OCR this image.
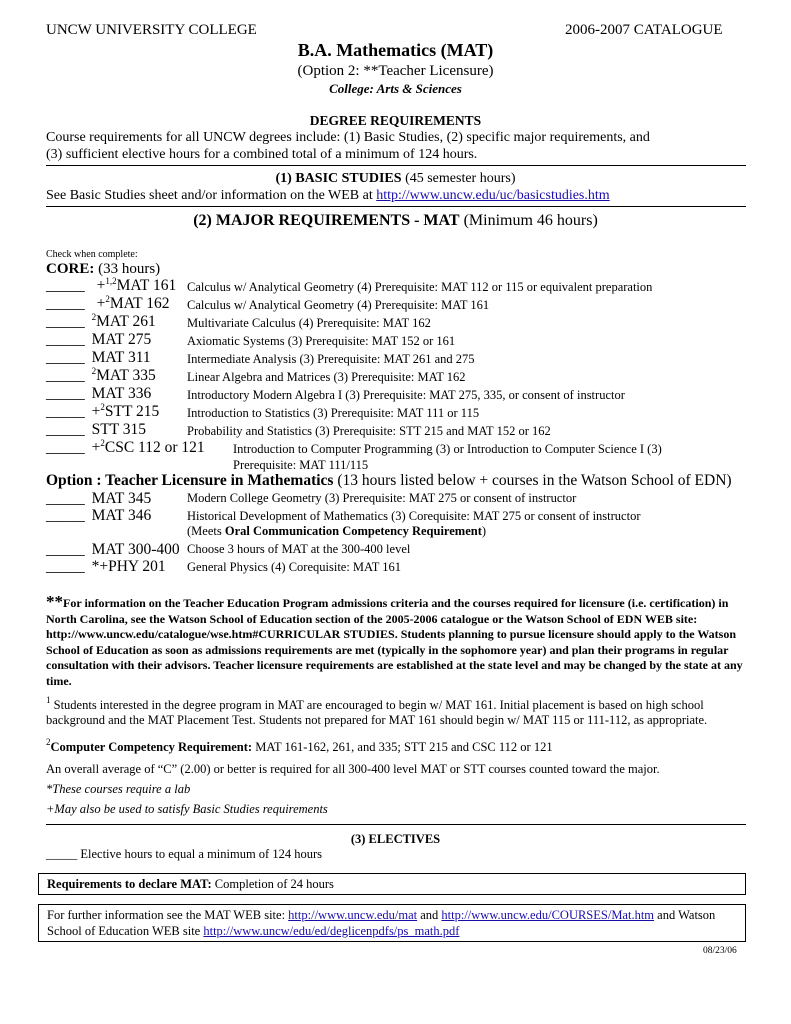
UNCW UNIVERSITY COLLEGE	2006-2007 CATALOGUE
B.A. Mathematics (MAT)
(Option 2: **Teacher Licensure)
College: Arts & Sciences
DEGREE REQUIREMENTS
Course requirements for all UNCW degrees include: (1) Basic Studies, (2) specific major requirements, and
(3) sufficient elective hours for a combined total of a minimum of 124 hours.
(1) BASIC STUDIES (45 semester hours)
See Basic Studies sheet and/or information on the WEB at http://www.uncw.edu/uc/basicstudies.htm
(2) MAJOR REQUIREMENTS - MAT (Minimum 46 hours)
Check when complete:
CORE: (33 hours)
_____ +$^{1,2}$MAT 161 Calculus w/ Analytical Geometry (4) Prerequisite: MAT 112 or 115 or equivalent preparation
_____ +$^2$MAT 162 Calculus w/ Analytical Geometry (4) Prerequisite: MAT 161
_____ $^2$MAT 261	Multivariate Calculus (4) Prerequisite: MAT 162
_____ MAT 275	Axiomatic Systems (3) Prerequisite: MAT 152 or 161
_____ MAT 311	Intermediate Analysis (3) Prerequisite: MAT 261 and 275
_____ $^2$MAT 335	Linear Algebra and Matrices (3) Prerequisite: MAT 162
_____ MAT 336	Introductory Modern Algebra I (3) Prerequisite: MAT 275, 335, or consent of instructor
_____ +$^2$STT 215 Introduction to Statistics (3) Prerequisite: MAT 111 or 115
_____ STT 315	Probability and Statistics (3) Prerequisite: STT 215 and MAT 152 or 162
_____ +$^2$CSC 112 or 121 Introduction to Computer Programming (3) or Introduction to Computer Science I (3)
Prerequisite: MAT 111/115
Option : Teacher Licensure in Mathematics (13 hours listed below + courses in the Watson School of EDN)
_____ MAT 345	Modern College Geometry (3) Prerequisite: MAT 275 or consent of instructor
_____ MAT 346	Historical Development of Mathematics (3) Corequisite: MAT 275 or consent of instructor
(Meets Oral Communication Competency Requirement)
_____ MAT 300-400 Choose 3 hours of MAT at the 300-400 level
_____ *+PHY 201 General Physics (4) Corequisite: MAT 161
**For information on the Teacher Education Program admissions criteria and the courses required for licensure (i.e. certification) in North Carolina, see the Watson School of Education section of the 2005-2006 catalogue or the Watson School of EDN WEB site: http://www.uncw.edu/catalogue/wse.htm#CURRICULAR STUDIES. Students planning to pursue licensure should apply to the Watson School of Education as soon as admissions requirements are met (typically in the sophomore year) and plan their programs in regular consultation with their advisors. Teacher licensure requirements are established at the state level and may be changed by the state at any time.
$^1$ Students interested in the degree program in MAT are encouraged to begin w/ MAT 161. Initial placement is based on high school
background and the MAT Placement Test. Students not prepared for MAT 161 should begin w/ MAT 115 or 111-112, as appropriate.
$^2$Computer Competency Requirement: MAT 161-162, 261, and 335; STT 215 and CSC 112 or 121
An overall average of “C” (2.00) or better is required for all 300-400 level MAT or STT courses counted toward the major.
*These courses require a lab
+May also be used to satisfy Basic Studies requirements
(3) ELECTIVES
_____ Elective hours to equal a minimum of 124 hours
Requirements to declare MAT: Completion of 24 hours
For further information see the MAT WEB site: http://www.uncw.edu/mat and http://www.uncw.edu/COURSES/Mat.htm and Watson
School of Education WEB site http://www.uncw/edu/ed/deglicenpdfs/ps_math.pdf
08/23/06
